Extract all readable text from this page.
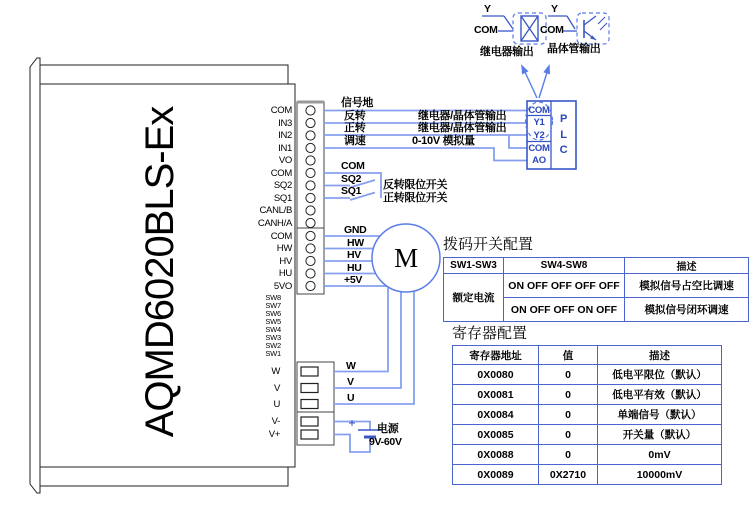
AQMD6020BLS-Ex	M
COM
IN3
IN2
IN1
VO
COM
SQ2
SQ1
CANL/B
CANH/A
COM
HW
HV
HU
5VO
SW8
SW7
SW6
SW5
SW4
SW3
SW2
SW1
W
V
U
V-
V+
信号地
反转	继电器/晶体管输出
正转	继电器/晶体管输出
调速	0-10V 模拟量
COM
SQ2
SQ1 反转限位开关
正转限位开关
GND
HW
HV
HU
+5V
W
V
U
电源
9V-60V
Y
COM
继电器输出
Y
COM
晶体管输出
COM
Y1
Y2
COM
AO
P
L
C
拨码开关配置
SW1-SW3	SW4-SW8	描述
额定电流	ON OFF OFF OFF OFF	模拟信号占空比调速
	ON OFF OFF ON OFF	模拟信号闭环调速
寄存器配置
寄存器地址	值	描述
0X0080	0	低电平限位（默认）
0X0081	0	低电平有效（默认）
0X0084	0	单端信号（默认）
0X0085	0	开关量（默认）
0X0088	0	0mV
0X0089	0X2710	10000mV
